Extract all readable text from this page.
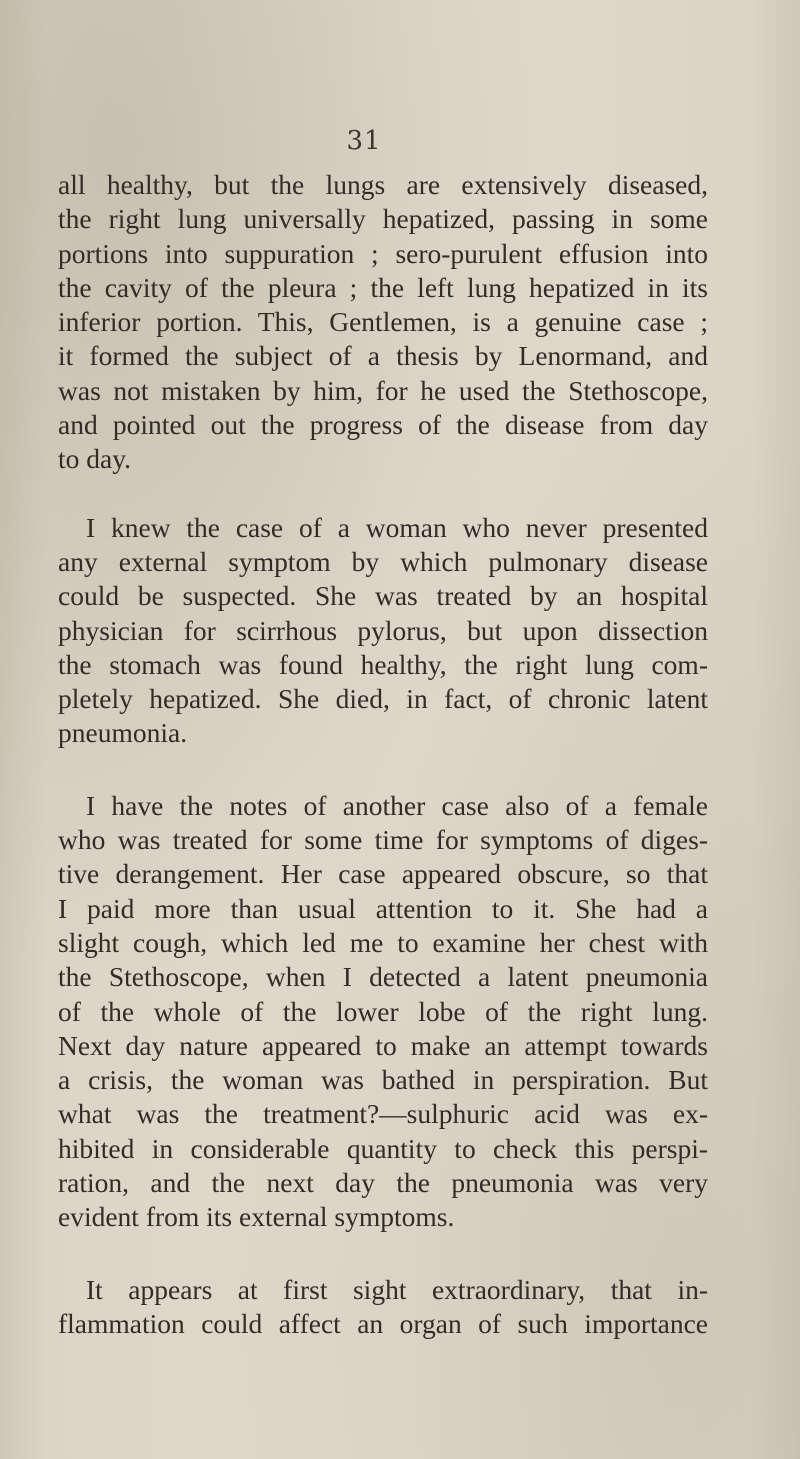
31

all healthy, but the lungs are extensively diseased,
the right lung universally hepatized, passing in some
portions into suppuration ; sero-purulent effusion into
the cavity of the pleura ; the left lung hepatized in its
inferior portion. This, Gentlemen, is a genuine case ;
it formed the subject of a thesis by Lenormand, and
was not mistaken by him, for he used the Stethoscope,
and pointed out the progress of the disease from day
to day.

I knew the case of a woman who never presented
any external symptom by which pulmonary disease
could be suspected. She was treated by an hospital
physician for scirrhous pylorus, but upon dissection
the stomach was found healthy, the right lung com-
pletely hepatized. She died, in fact, of chronic latent
pneumonia.

I have the notes of another case also of a female
who was treated for some time for symptoms of diges-
tive derangement. Her case appeared obscure, so that
I paid more than usual attention to it. She had a
slight cough, which led me to examine her chest with
the Stethoscope, when I detected a latent pneumonia
of the whole of the lower lobe of the right lung.
Next day nature appeared to make an attempt towards
a crisis, the woman was bathed in perspiration. But
what was the treatment?—sulphuric acid was ex-
hibited in considerable quantity to check this perspi-
ration, and the next day the pneumonia was very
evident from its external symptoms.

It appears at first sight extraordinary, that in-
flammation could affect an organ of such importance
